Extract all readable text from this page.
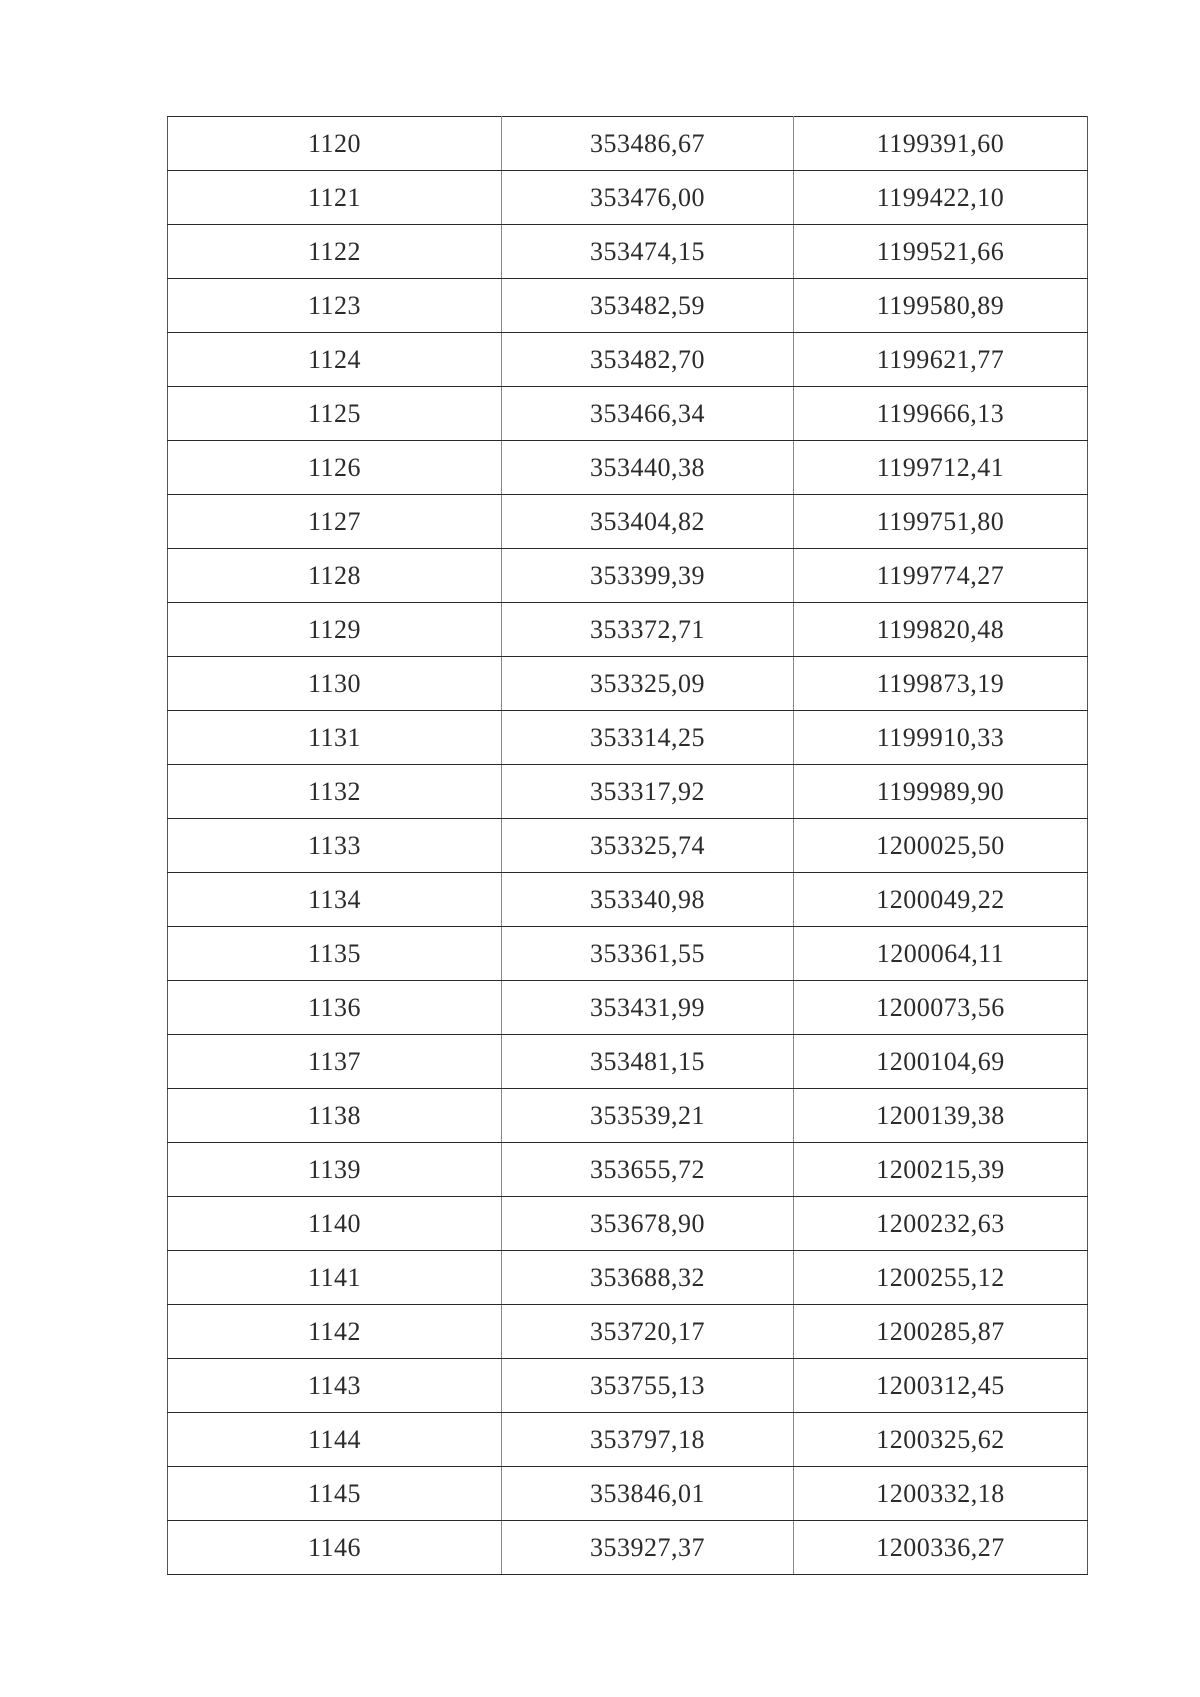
1120	353486,67	1199391,60
1121	353476,00	1199422,10
1122	353474,15	1199521,66
1123	353482,59	1199580,89
1124	353482,70	1199621,77
1125	353466,34	1199666,13
1126	353440,38	1199712,41
1127	353404,82	1199751,80
1128	353399,39	1199774,27
1129	353372,71	1199820,48
1130	353325,09	1199873,19
1131	353314,25	1199910,33
1132	353317,92	1199989,90
1133	353325,74	1200025,50
1134	353340,98	1200049,22
1135	353361,55	1200064,11
1136	353431,99	1200073,56
1137	353481,15	1200104,69
1138	353539,21	1200139,38
1139	353655,72	1200215,39
1140	353678,90	1200232,63
1141	353688,32	1200255,12
1142	353720,17	1200285,87
1143	353755,13	1200312,45
1144	353797,18	1200325,62
1145	353846,01	1200332,18
1146	353927,37	1200336,27
